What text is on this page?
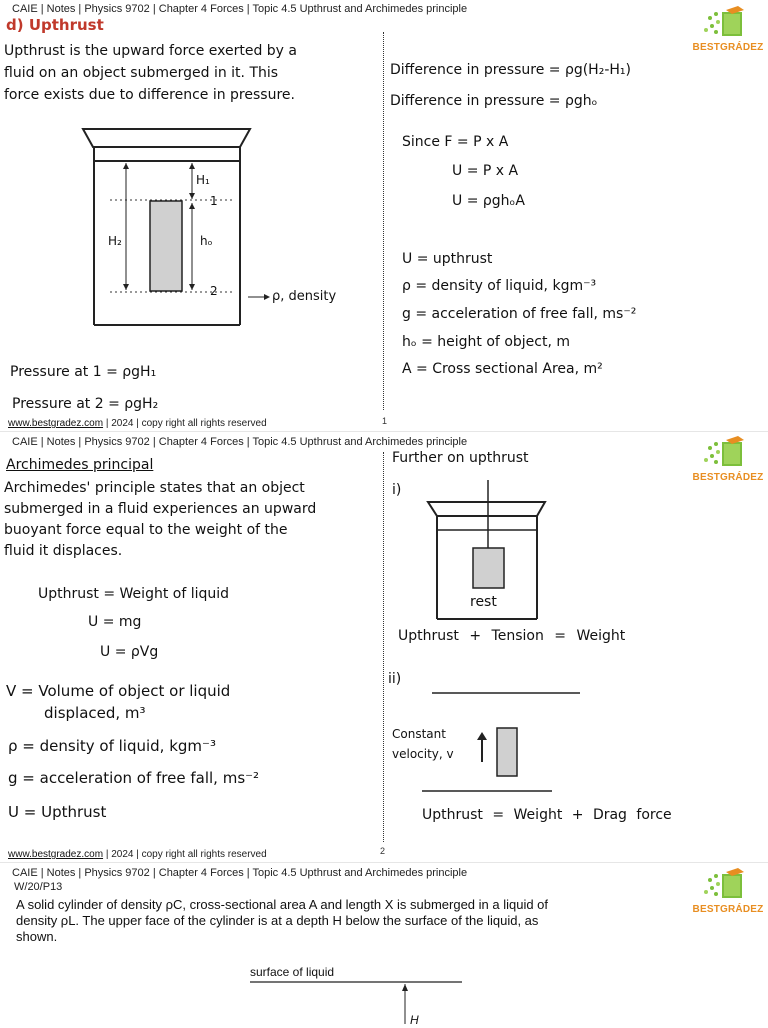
CAIE | Notes | Physics 9702 | Chapter 4 Forces | Topic 4.5 Upthrust and Archimedes principle
d) Upthrust
BESTGRÁDEZ
Upthrust is the upward force exerted by a
fluid on an object submerged in it. This
force exists due to difference in pressure.
H₁
H₂	hₒ
1
2	ρ, density
Pressure at 1 = ρgH₁
Pressure at 2 = ρgH₂
Difference in pressure = ρg(H₂-H₁)
Difference in pressure = ρghₒ
Since F = P x A
U = P x A
U = ρghₒA
U = upthrust
ρ = density of liquid, kgm⁻³
g = acceleration of free fall, ms⁻²
hₒ = height of object, m
A = Cross sectional Area, m²
www.bestgradez.com | 2024 | copy right all rights reserved	1
CAIE | Notes | Physics 9702 | Chapter 4 Forces | Topic 4.5 Upthrust and Archimedes principle
BESTGRÁDEZ
Archimedes principal
Archimedes' principle states that an object
submerged in a fluid experiences an upward
buoyant force equal to the weight of the
fluid it displaces.
Upthrust = Weight of liquid
U = mg
U = ρVg
V = Volume of object or liquid
displaced, m³
ρ = density of liquid, kgm⁻³
g = acceleration of free fall, ms⁻²
U = Upthrust
Further on upthrust
i)
rest
Upthrust + Tension = Weight
ii)
Constant
velocity, v
Upthrust = Weight + Drag force
www.bestgradez.com | 2024 | copy right all rights reserved	2
CAIE | Notes | Physics 9702 | Chapter 4 Forces | Topic 4.5 Upthrust and Archimedes principle
W/20/P13
BESTGRÁDEZ
A solid cylinder of density ρC, cross-sectional area A and length X is submerged in a liquid of
density ρL. The upper face of the cylinder is at a depth H below the surface of the liquid, as
shown.
surface of liquid
H
